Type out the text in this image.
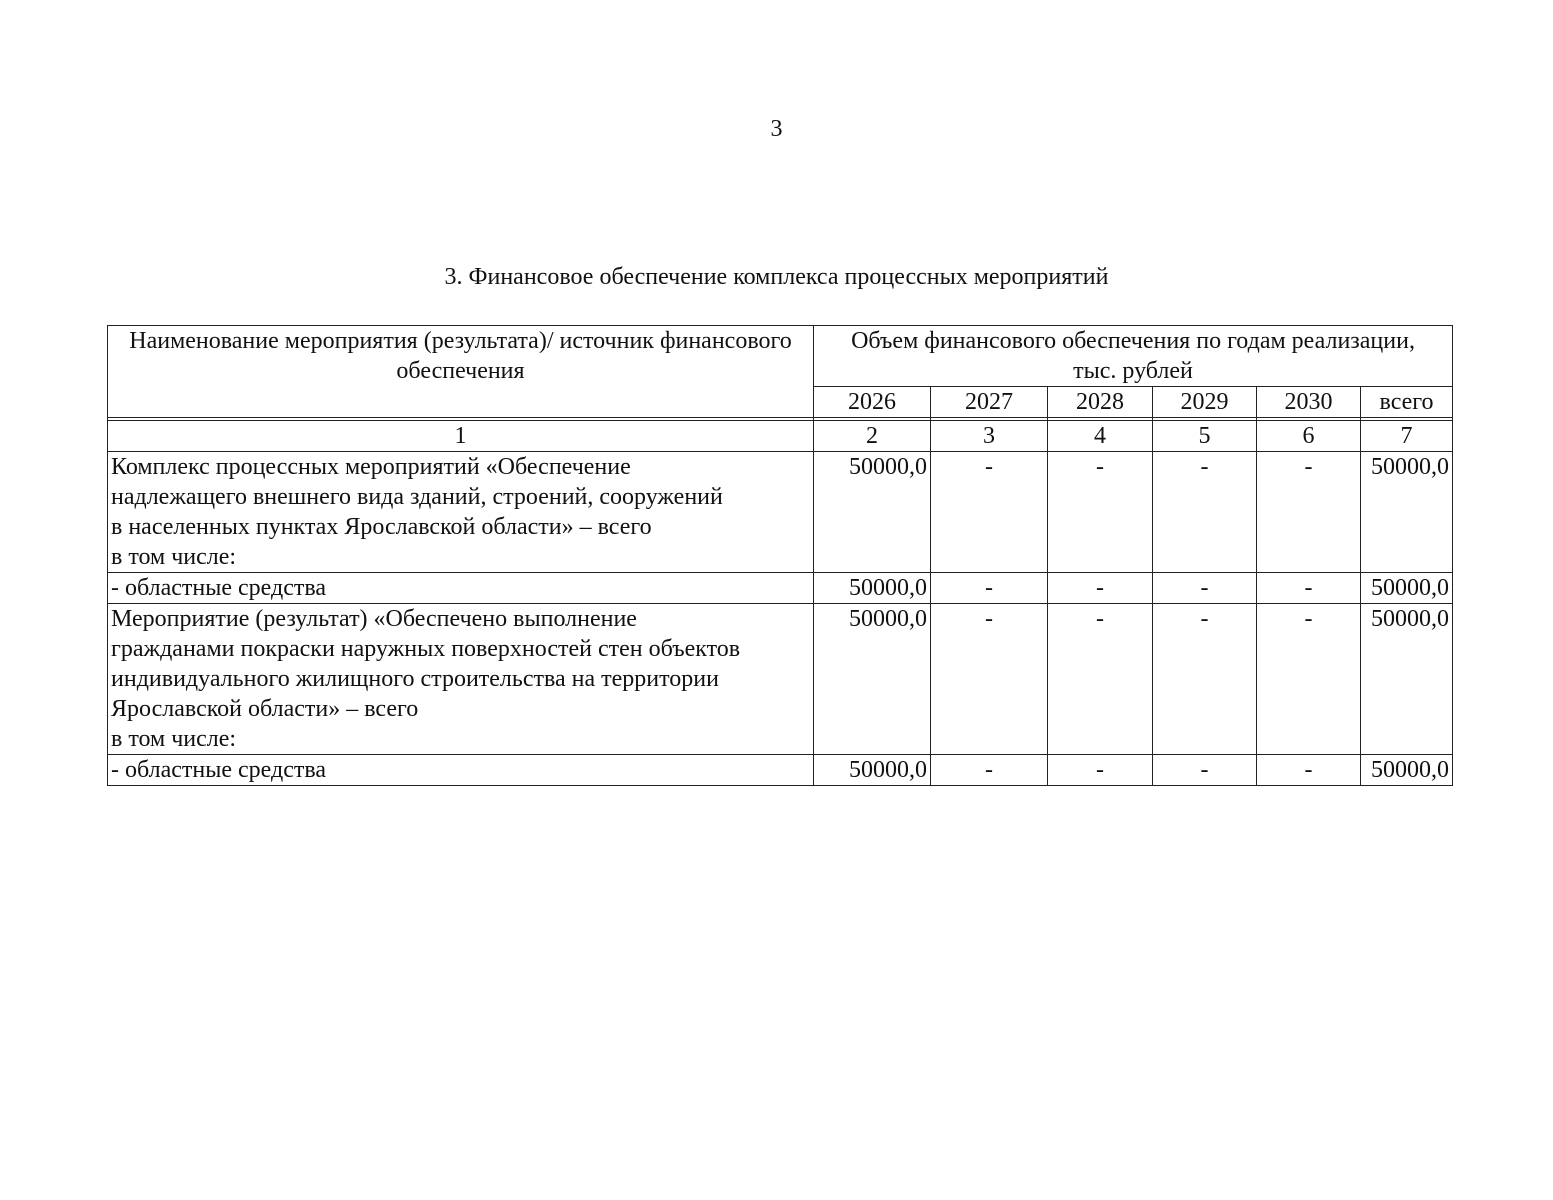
3
3. Финансовое обеспечение комплекса процессных мероприятий
Наименование мероприятия (результата)/ источник финансового обеспечения	Объем финансового обеспечения по годам реализации,
тыс. рублей					

	2026	2027	2028	2029	2030	всего

1	2	3	4	5	6	7

Комплекс процессных мероприятий «Обеспечение
надлежащего внешнего вида зданий, строений, сооружений
в населенных пунктах Ярославской области» – всего
в том числе:	50000,0	-	-	-	-	50000,0

- областные средства	50000,0	-	-	-	-	50000,0

Мероприятие (результат) «Обеспечено выполнение
гражданами покраски наружных поверхностей стен объектов
индивидуального жилищного строительства на территории
Ярославской области» – всего
в том числе:	50000,0	-	-	-	-	50000,0

- областные средства	50000,0	-	-	-	-	50000,0
